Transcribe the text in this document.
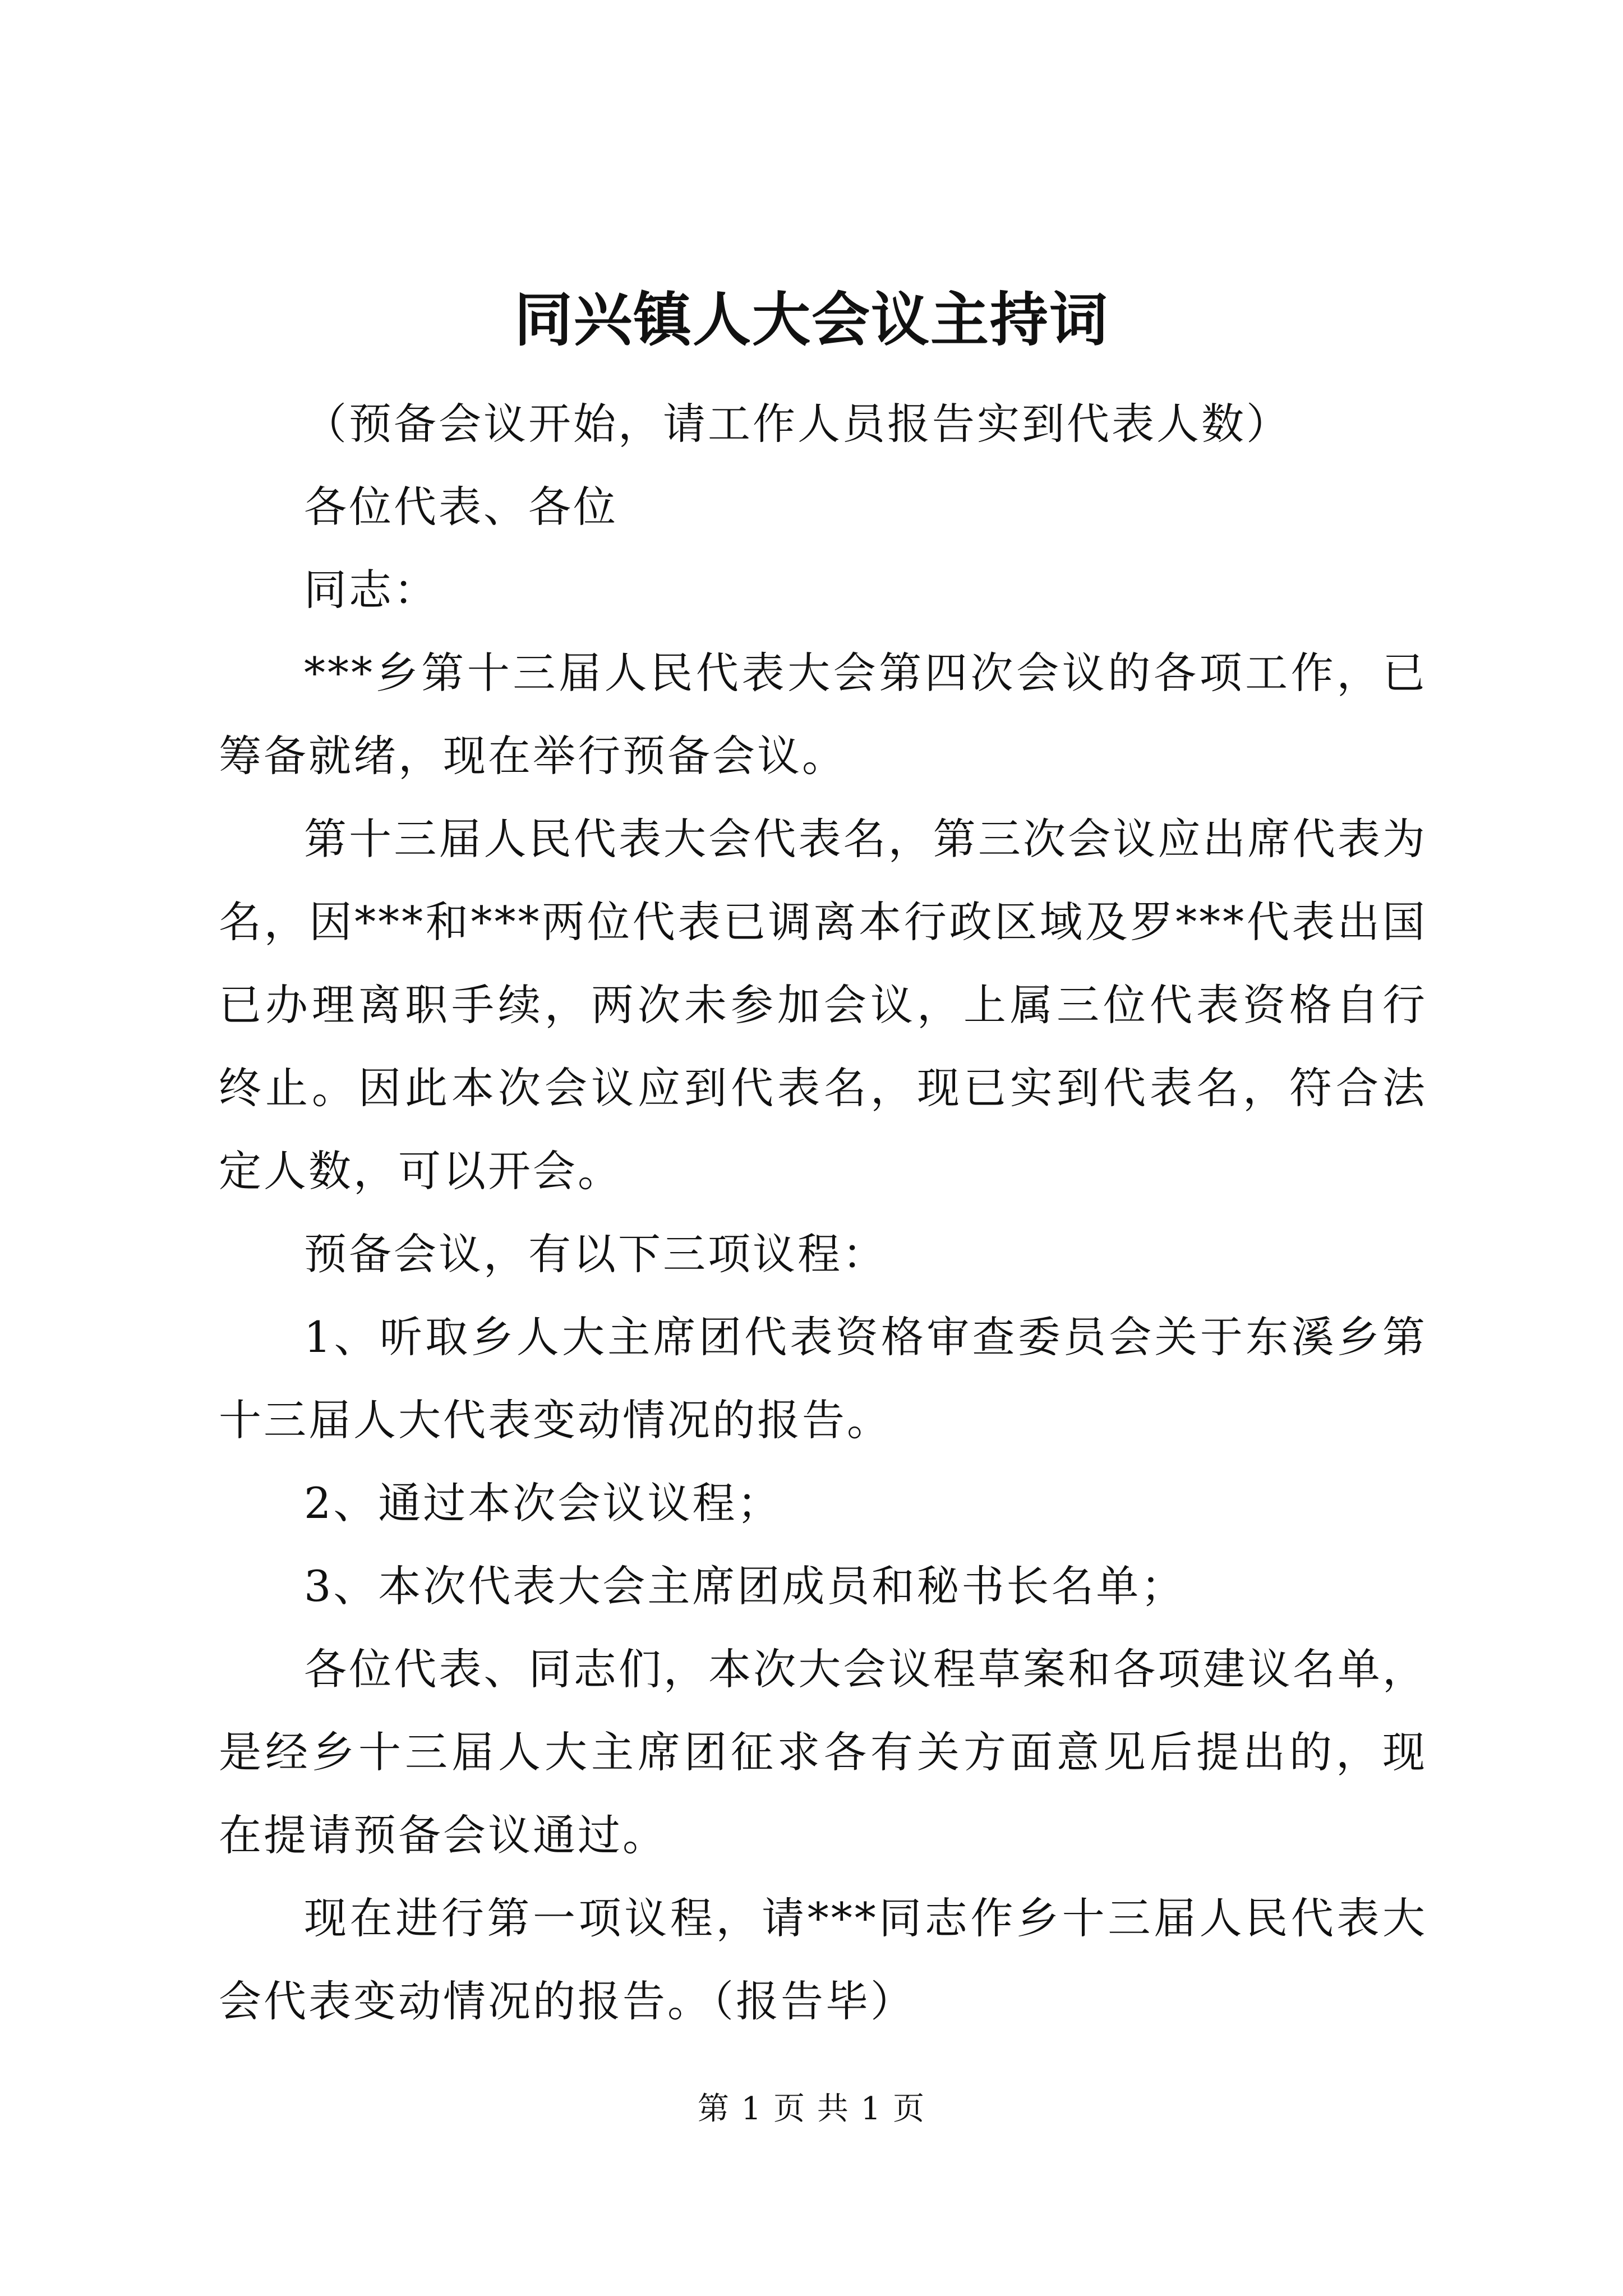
同兴镇人大会议主持词

（预备会议开始，请工作人员报告实到代表人数）

各位代表、各位

同志：

***乡第十三届人民代表大会第四次会议的各项工作，已筹备就绪，现在举行预备会议。

第十三届人民代表大会代表名，第三次会议应出席代表为名，因***和***两位代表已调离本行政区域及罗***代表出国已办理离职手续，两次未参加会议，上属三位代表资格自行终止。因此本次会议应到代表名，现已实到代表名，符合法定人数，可以开会。

预备会议，有以下三项议程：

1、听取乡人大主席团代表资格审查委员会关于东溪乡第十三届人大代表变动情况的报告。

2、通过本次会议议程；

3、本次代表大会主席团成员和秘书长名单；

各位代表、同志们，本次大会议程草案和各项建议名单，是经乡十三届人大主席团征求各有关方面意见后提出的，现在提请预备会议通过。

现在进行第一项议程，请***同志作乡十三届人民代表大会代表变动情况的报告。（报告毕）

第 1 页 共 1 页
